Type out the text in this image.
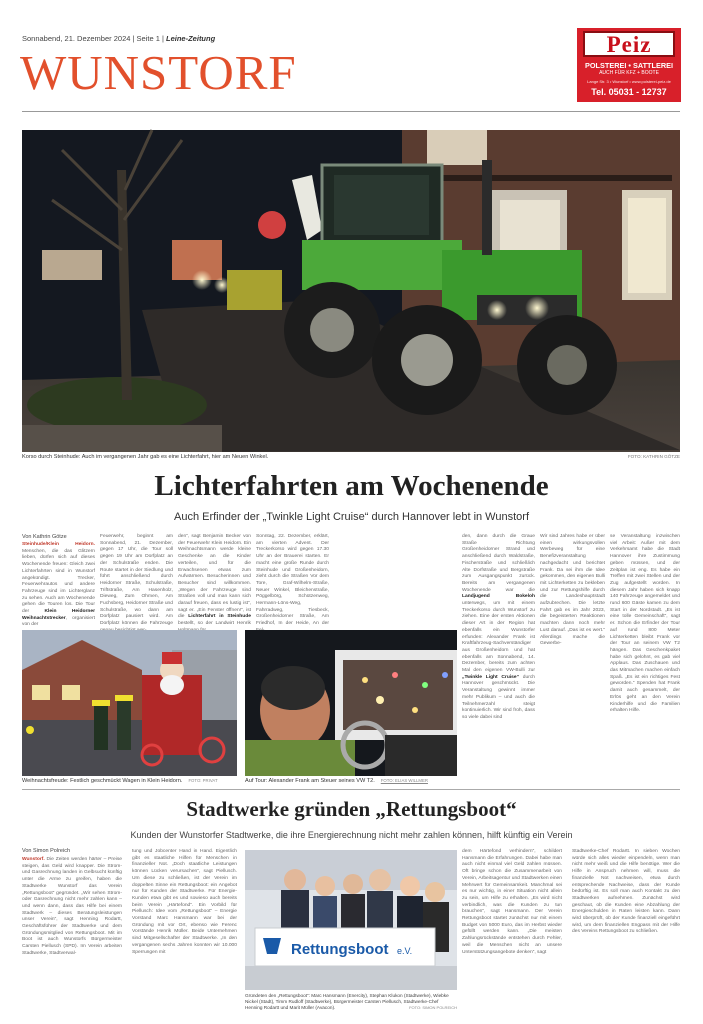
Sonnabend, 21. Dezember 2024 | Seite 1 | Leine-Zeitung
WUNSTORF
Peiz
POLSTEREI • SATTLEREI
AUCH FÜR KFZ + BOOTE
Lange Str. 3 • Wunstorf • www.polsterei-peiz.de
Tel. 05031 - 12737
Korso durch Steinhude: Auch im vergangenen Jahr gab es eine Lichterfahrt, hier am Neuen Winkel.	FOTO: KATHRIN GÖTZE
Lichterfahrten am Wochenende
Auch Erfinder der „Twinkle Light Cruise“ durch Hannover lebt in Wunstorf
Von Kathrin Götze
Steinhude/Klein Heidorn. Menschen, die das Glitzern lieben, dürfen sich auf dieses Wochenende freuen: Gleich zwei Lichterfahrten sind in Wunstorf angekündigt. Trecker, Feuerwehrautos und andere Fahrzeuge sind im Lichterglanz zu sehen. Auch am Wochenende gehen die Touren los. Die Tour der Klein Heidorner Weihnachtstrecker, organisiert von der
Feuerwehr, beginnt am Sonnabend, 21. Dezember, gegen 17 Uhr, die Tour soll gegen 19 Uhr am Dorfplatz an der Schulstraße enden. Die Route startet in der Siedlung und führt anschließend durch Heidorner Straße, Schulstraße, Triftstraße, Am Hasenholz, Dieweg, Zum Ohmen, Am Fuchsberg, Heidorner Straße und Schulstraße, wo dann am Dorfplatz pausiert wird. Am Dorfplatz können die Fahrzeuge
den“, sagt Benjamin Becker von der Feuerwehr Klein Heidorn. Ein Weihnachtsmann werde kleine Geschenke an die Kinder verteilen, und für die Erwachsenen etwas zum Aufwärmen. Besucherinnen und Besucher sind willkommen. „Wegen der Fahrzeuge sind Straßen voll und man kann sich darauf freuen, dass es lustig ist“, sagt er. „Ein Fenster öffnen!“, ist die Lichterfahrt in Steinhude bestellt, so der Landwirt Henrik
Sonntag, 22. Dezember, erklärt, am vierten Advent. Der Treckerkorso wird gegen 17.30 Uhr an der Brauerei starten. Er macht eine große Runde durch Steinhude und Großenheidorn, zieht durch die Straßen Vor dem Tore, Graf-Wilhelm-Straße, Neuer Winkel, Bleichenstraße, Pöggelbörg, Schützenweg, Hermann-Löns-Weg, Fahrradweg, Tiesbeck, Großenheidorner Straße, Am Friedhof, In der Heide, An der
den, dann durch die Graue Straße Richtung Großenheidorner Strand und anschließend durch Waldstraße, Fischerstraße und schließlich Alte Dorfstraße und Bergstraße zum Ausgangspunkt zurück. Bereits am vergangenen Wochenende war die Landjugend Bokeloh unterwegs, um mit einem Treckerkorso durch Wunstorf zu ziehen. Eine der ersten Aktionen dieser Art in der Region hat ebenfalls ein Wunstorfer erfunden: Alexander Frank ist Kraftfahrzeug-Sachverständiger aus Großenheidorn und hat ebenfalls am Sonnabend, 14. Dezember, bereits zum achten Mal den eigenen VW-Bulli zur „Twinkle Light Cruise“ durch Hannover geschmückt. Die Veranstaltung gewinnt immer mehr Publikum – und auch die Teilnehmerzahl steigt kontinuierlich. Wir sind froh, dass so viele dabei sind
Wir sind Jahres habe er über einen wirkungsvollen Werbeweg für eine Benefizveranstaltung nachgedacht und berichtet Frank. Da sei ihm die Idee gekommen, den eigenen Bulli mit Lichterketten zu bekleben und zur Rettungshilfe durch die Landeshauptstadt aufzubrechen. Die letzte Fahrt gab es im Jahr 2023, die begeisterten Reaktionen machten dann noch mehr Lust darauf. „Das ist es wert.“ Allerdings mache die Gewerbe-
se Veranstaltung inzwischen viel Arbeit: Außer mit dem Verkehrsamt habe die Stadt Hannover ihre Zustimmung geben müssen, und der Zeitplan ist eng. Es habe ein Treffen mit zwei Stellen und der Zug aufgestellt worden. In diesem Jahr haben sich knapp 140 Fahrzeuge angemeldet und rund 600 Gäste kamen zu dem Start in der Nordstadt. „Es ist eine tolle Gemeinschaft“, sagt er. Schon die Erfinder der Tour auf rund 800 Meter Lichterketten bleibt Frank vor der Tour an seinem VW T2 hängen. Das Geschenkpaket habe sich gelohnt, es gab viel Applaus. Das Zuschauen und das Mitmachen machen einfach Spaß. „Es ist ein richtiges Fest geworden.“ Spenden hat Frank damit auch gesammelt, der Erlös geht an den Verein Kinderhilfe und die Familien erhalten Hilfe.
Weihnachtsfreude: Festlich geschmückt Wagen in Klein Heidorn. FOTO: PRIVAT	Auf Tour: Alexander Frank am Steuer seines VW T2. FOTO: ELIAS WILLMER
Stadtwerke gründen „Rettungsboot“
Kunden der Wunstorfer Stadtwerke, die ihre Energierechnung nicht mehr zahlen können, hilft künftig ein Verein
Von Simon Polreich
Wunstorf. Die Zeiten werden härter – Preise steigen, das Geld wird knapper. Die Strom- und Gasrechnung landen in Gelbsucht künftig unter die Arme zu greifen, haben die Stadtwerke Wunstorf das Verein „Rettungsboot“ gegründet. „Wir sehen Strom- oder Gasrechnung nicht mehr zahlen kann – und wenn dann, dass das Hilfe bei einem Stadtwerk – dieses Beratungsleistungen unser Verein“, sagt Henning Rodartt, Geschäftsführer der Stadtwerke und dem Gründungsmitglied von Rettungsboot. Mit im Boot ist auch Wunstorfs Bürgermeister Carsten Piellusch (SPD). Im Verein arbeiten Stadtwerke, Stadtverwal-
tung und Jobcenter Hand in Hand. Eigentlich gibt es staatliche Hilfen für Menschen in finanzieller Not. „Doch staatliche Leistungen können Lücken verursachen“, sagt Piellusch. Um diese zu schließen, ist der Verein im doppelten Sinne ein Rettungsboot: ein Angebot nur für Kunden der Stadtwerke. Für Energie-Kunden etwa gibt es und sowieso auch bereits beim Verein „Härtefond“. Ein Vorbild für Piellusch: Idee vom „Rettungsboot“ – Energie Vorstand Marc Hansmann war bei der Gründung mit vor Ort, ebenso wie Ferenc Vorstände Henrik Müller. Beide Unternehmen sind Mitgesellschafter der Stadtwerke. „In den vergangenen sechs Jahren konnten wir 10.000 Sperrungen mit
dem Härtefond verhindern“, schildert Hansmann die Erfahrungen. Dabei habe man auch nicht einmal viel Geld zahlen müssen. Oft bringe schon die Zusammenarbeit von Verein, Arbeitsagentur und Stadtwerken einen Mehrwert für Gemeinsamkeit. Manchmal sei es nur wichtig, in einer Situation nicht allein zu sein, um Hilfe zu erhalten. „Es wird nicht verbindlich, was die Kunden zu tun brauchen“, sagt Hansmann. Der Verein Rettungsboot startet zunächst nur mit einem Budget von 5000 Euro, das im Herbst wieder gefüllt werden kann. „Die meisten Zahlungsrückstände entstehen durch Fehler, weil die Menschen nicht an unsere Unterstützungsangebote denken“, sagt
Stadtwerke-Chef Rodartt. In sieben Wochen würde sich alles wieder einpendeln, wenn man nicht mehr weiß und die Hilfe benötige. Wer die Hilfe in Anspruch nehmen will, muss die finanzielle Not nachweisen, etwa durch entsprechende Nachweise, dass der Kunde bedürftig ist. Es soll man auch Kontakt zu den Stadtwerken aufnehmen. Zunächst wird geschaut, ob die Kunden eine Abzahlung der Energieschulden in Raten leisten kann. Dann wird überprüft, ob der Kunde finanziell eingeführt wird, um dem finanziellen Engpass mit der Hilfe des Vereins Rettungsboot zu schließen.
Rettungsboot e.V.
Gründeten den „Rettungsboot“: Marc Hansmann (Enercity), Stephan Klukon (Stadtwerke), Wiebke Nickel (Stadt), Timm Rudloff (Stadtwerke), Bürgermeister Carsten Piellusch, Stadtwerke-Chef Henning Rodartt und Marit Müller (Avacon).	FOTO: SIMON POLREICH
